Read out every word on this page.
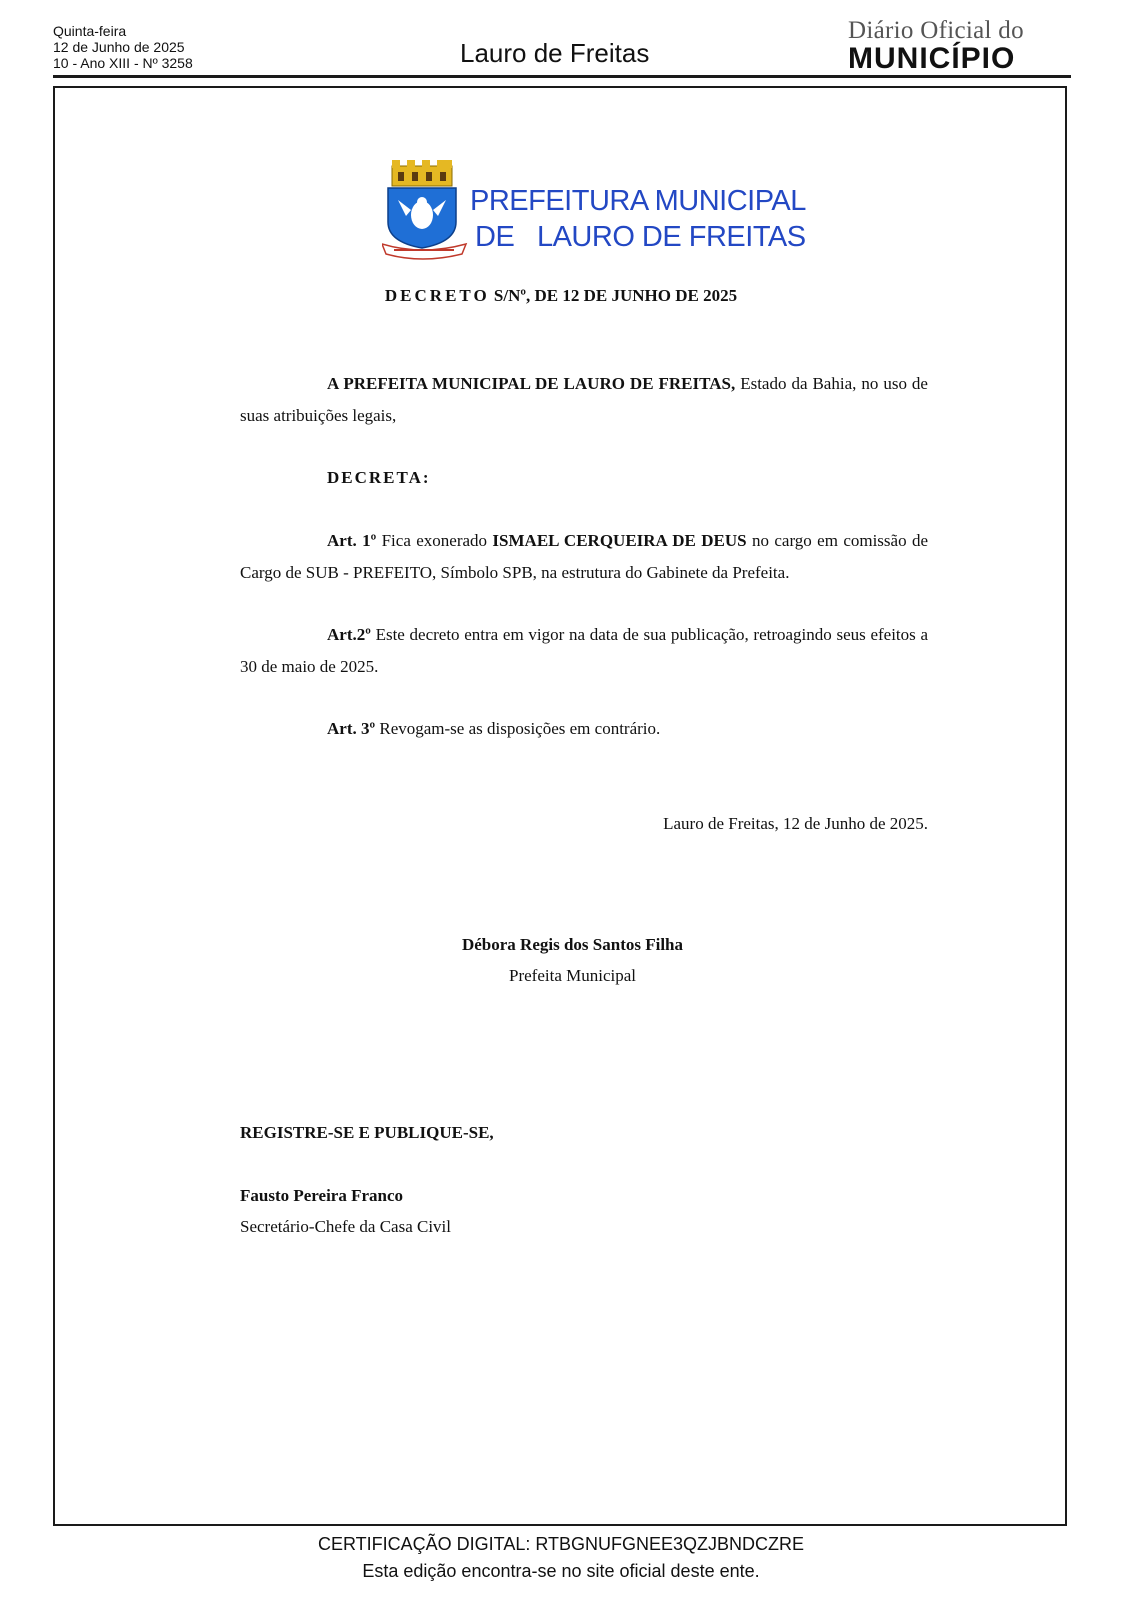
Quinta-feira
12 de Junho de 2025
10 - Ano XIII - Nº 3258	Lauro de Freitas
Diário Oficial do
MUNICÍPIO
PREFEITURA MUNICIPAL
DE   LAURO DE FREITAS
DECRETO S/Nº, DE 12 DE JUNHO DE 2025
A PREFEITA MUNICIPAL DE LAURO DE FREITAS, Estado da Bahia, no uso de suas atribuições legais,
DECRETA:
Art. 1º Fica exonerado ISMAEL CERQUEIRA DE DEUS no cargo em comissão de Cargo de SUB - PREFEITO, Símbolo SPB, na estrutura do Gabinete da Prefeita.
Art.2º Este decreto entra em vigor na data de sua publicação, retroagindo seus efeitos a 30 de maio de 2025.
Art. 3º Revogam-se as disposições em contrário.
Lauro de Freitas, 12 de Junho de 2025.
Débora Regis dos Santos Filha
Prefeita Municipal
REGISTRE-SE E PUBLIQUE-SE,
Fausto Pereira Franco
Secretário-Chefe da Casa Civil
CERTIFICAÇÃO DIGITAL: RTBGNUFGNEE3QZJBNDCZRE
Esta edição encontra-se no site oficial deste ente.
